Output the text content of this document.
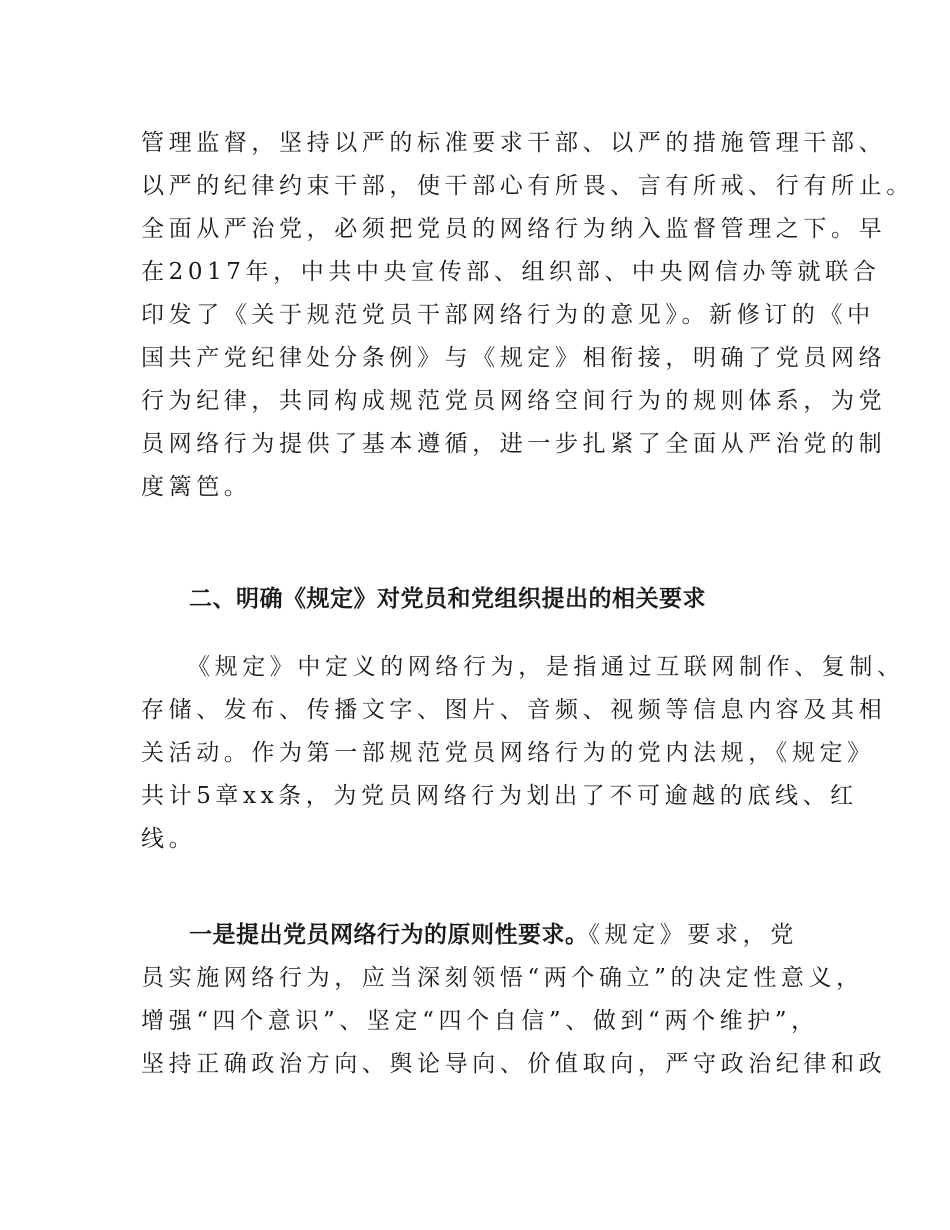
管理监督，坚持以严的标准要求干部、以严的措施管理干部、
以严的纪律约束干部，使干部心有所畏、言有所戒、行有所止。
全面从严治党，必须把党员的网络行为纳入监督管理之下。早
在2017年，中共中央宣传部、组织部、中央网信办等就联合
印发了《关于规范党员干部网络行为的意见》。新修订的《中
国共产党纪律处分条例》与《规定》相衔接，明确了党员网络
行为纪律，共同构成规范党员网络空间行为的规则体系，为党
员网络行为提供了基本遵循，进一步扎紧了全面从严治党的制
度篱笆。
二、明确《规定》对党员和党组织提出的相关要求
《规定》中定义的网络行为，是指通过互联网制作、复制、
存储、发布、传播文字、图片、音频、视频等信息内容及其相
关活动。作为第一部规范党员网络行为的党内法规，《规定》
共计5章xx条，为党员网络行为划出了不可逾越的底线、红
线。
一是提出党员网络行为的原则性要求。《规定》要求，党
员实施网络行为，应当深刻领悟“两个确立”的决定性意义，
增强“四个意识”、坚定“四个自信”、做到“两个维护”，
坚持正确政治方向、舆论导向、价值取向，严守政治纪律和政
